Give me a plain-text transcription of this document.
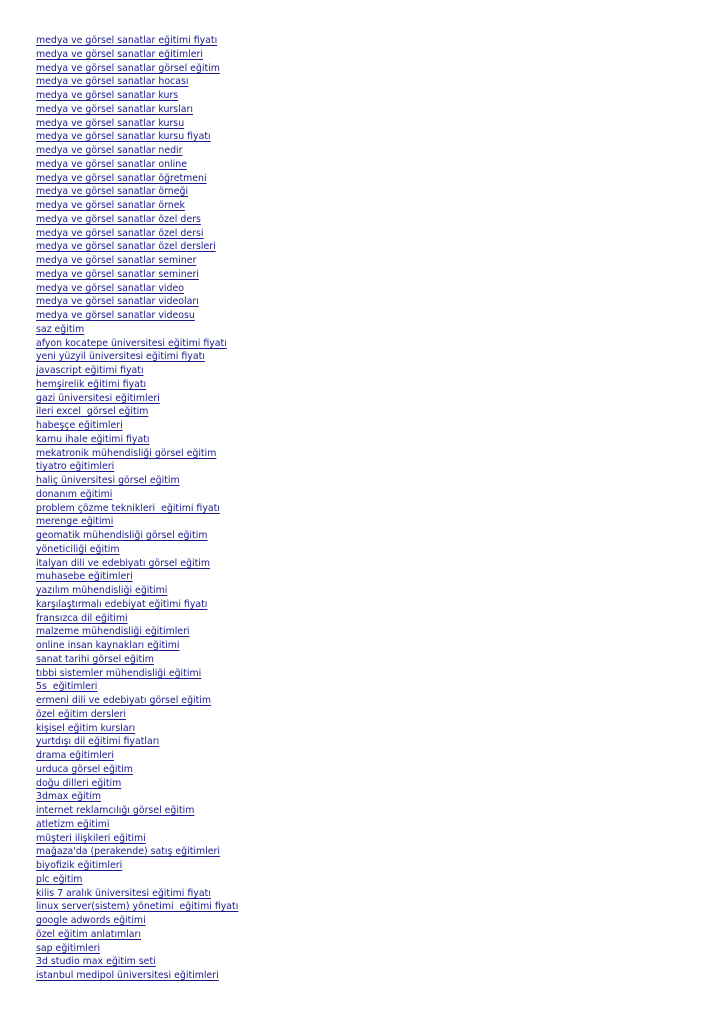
medya ve görsel sanatlar eğitimi fiyatı
medya ve görsel sanatlar eğitimleri
medya ve görsel sanatlar görsel eğitim
medya ve görsel sanatlar hocası
medya ve görsel sanatlar kurs
medya ve görsel sanatlar kursları
medya ve görsel sanatlar kursu
medya ve görsel sanatlar kursu fiyatı
medya ve görsel sanatlar nedir
medya ve görsel sanatlar online
medya ve görsel sanatlar öğretmeni
medya ve görsel sanatlar örneği
medya ve görsel sanatlar örnek
medya ve görsel sanatlar özel ders
medya ve görsel sanatlar özel dersi
medya ve görsel sanatlar özel dersleri
medya ve görsel sanatlar seminer
medya ve görsel sanatlar semineri
medya ve görsel sanatlar video
medya ve görsel sanatlar videoları
medya ve görsel sanatlar videosu
saz eğitim
afyon kocatepe üniversitesi eğitimi fiyatı
yeni yüzyil üniversitesi eğitimi fiyatı
javascript eğitimi fiyatı
hemşirelik eğitimi fiyatı
gazi üniversitesi eğitimleri
ileri excel  görsel eğitim
habeşçe eğitimleri
kamu ihale eğitimi fiyatı
mekatronik mühendisliği görsel eğitim
tiyatro eğitimleri
haliç üniversitesi görsel eğitim
donanım eğitimi
problem çözme teknikleri  eğitimi fiyatı
merenge eğitimi
geomatik mühendisliği görsel eğitim
yöneticiliği eğitim
italyan dili ve edebiyatı görsel eğitim
muhasebe eğitimleri
yazılım mühendisliği eğitimi
karşılaştırmalı edebiyat eğitimi fiyatı
fransızca dil eğitimi
malzeme mühendisliği eğitimleri
online insan kaynakları eğitimi
sanat tarihi görsel eğitim
tıbbi sistemler mühendisliği eğitimi
5s  eğitimleri
ermeni dili ve edebiyatı görsel eğitim
özel eğitim dersleri
kişisel eğitim kursları
yurtdışı dil eğitimi fiyatları
drama eğitimleri
urduca görsel eğitim
doğu dilleri eğitim
3dmax eğitim
internet reklamcılığı görsel eğitim
atletizm eğitimi
müşteri ilişkileri eğitimi
mağaza'da (perakende) satış eğitimleri
biyofizik eğitimleri
plc eğitim
kilis 7 aralık üniversitesi eğitimi fiyatı
linux server(sistem) yönetimi  eğitimi fiyatı
google adwords eğitimi
özel eğitim anlatımları
sap eğitimleri
3d studio max eğitim seti
istanbul medipol üniversitesi eğitimleri
